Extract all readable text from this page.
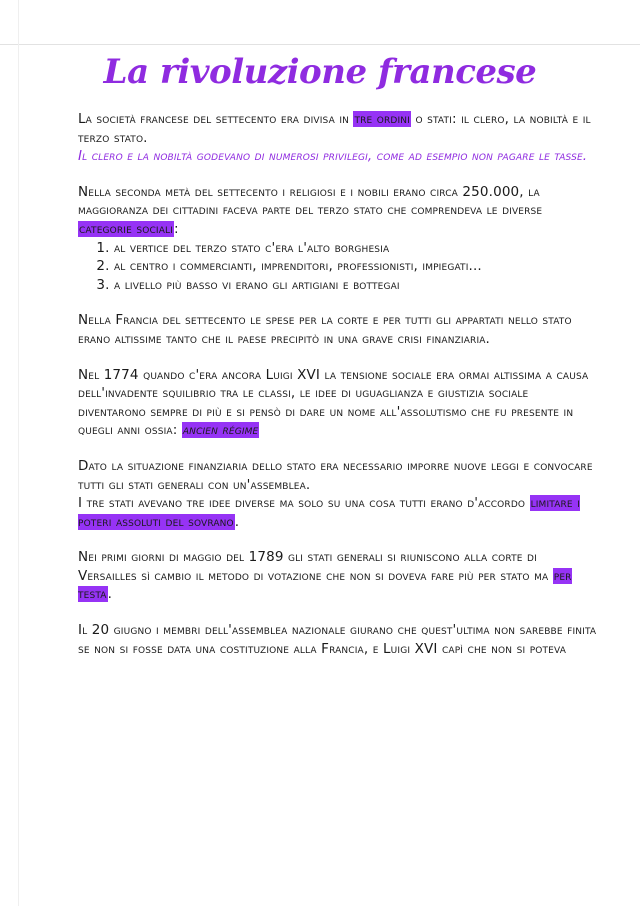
La rivoluzione francese
La società francese del settecento era divisa in tre ordini o stati: il clero, la nobiltà e il terzo stato.
Il clero e la nobiltà godevano di numerosi privilegi, come ad esempio non pagare le tasse.
Nella seconda metà del settecento i religiosi e i nobili erano circa 250.000, la maggioranza dei cittadini faceva parte del terzo stato che comprendeva le diverse categorie sociali:
1. al vertice del terzo stato c'era l'alto borghesia
2. al centro i commercianti, imprenditori, professionisti, impiegati...
3. a livello più basso vi erano gli artigiani e bottegai
Nella Francia del settecento le spese per la corte e per tutti gli appartati nello stato erano altissime tanto che il paese precipitò in una grave crisi finanziaria.
Nel 1774 quando c'era ancora Luigi XVI la tensione sociale era ormai altissima a causa dell'invadente squilibrio tra le classi, le idee di uguaglianza e giustizia sociale diventarono sempre di più e si pensò di dare un nome all'assolutismo che fu presente in quegli anni ossia: ancien régime
Dato la situazione finanziaria dello stato era necessario imporre nuove leggi e convocare tutti gli stati generali con un'assemblea.
I tre stati avevano tre idee diverse ma solo su una cosa tutti erano d'accordo limitare i poteri assoluti del sovrano.
Nei primi giorni di maggio del 1789 gli stati generali si riuniscono alla corte di Versailles sì cambio il metodo di votazione che non si doveva fare più per stato ma per testa.
Il 20 giugno i membri dell'assemblea nazionale giurano che quest'ultima non sarebbe finita se non si fosse data una costituzione alla Francia, e Luigi XVI capì che non si poteva
